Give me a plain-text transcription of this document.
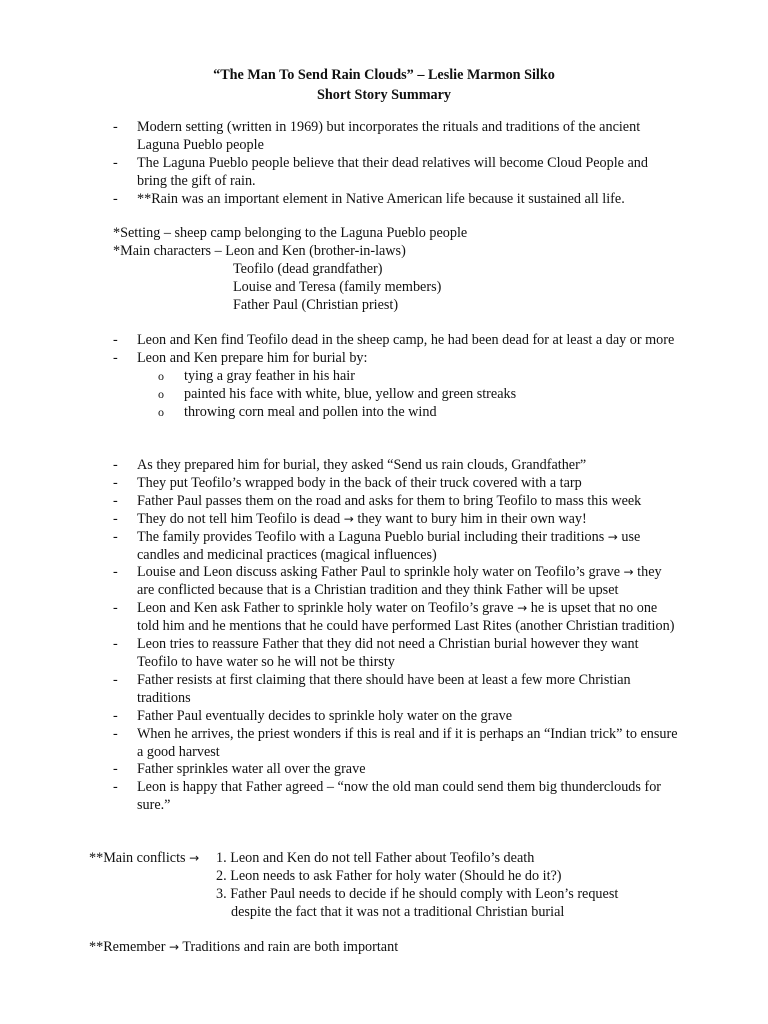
“The Man To Send Rain Clouds” – Leslie Marmon Silko
Short Story Summary
- Modern setting (written in 1969) but incorporates the rituals and traditions of the ancient Laguna Pueblo people
- The Laguna Pueblo people believe that their dead relatives will become Cloud People and bring the gift of rain.
- **Rain was an important element in Native American life because it sustained all life.
*Setting – sheep camp belonging to the Laguna Pueblo people
*Main characters – Leon and Ken (brother-in-laws)
Teofilo (dead grandfather)
Louise and Teresa (family members)
Father Paul (Christian priest)
- Leon and Ken find Teofilo dead in the sheep camp, he had been dead for at least a day or more
- Leon and Ken prepare him for burial by:
o tying a gray feather in his hair
o painted his face with white, blue, yellow and green streaks
o throwing corn meal and pollen into the wind
- As they prepared him for burial, they asked “Send us rain clouds, Grandfather”
- They put Teofilo’s wrapped body in the back of their truck covered with a tarp
- Father Paul passes them on the road and asks for them to bring Teofilo to mass this week
- They do not tell him Teofilo is dead → they want to bury him in their own way!
- The family provides Teofilo with a Laguna Pueblo burial including their traditions → use candles and medicinal practices (magical influences)
- Louise and Leon discuss asking Father Paul to sprinkle holy water on Teofilo’s grave → they are conflicted because that is a Christian tradition and they think Father will be upset
- Leon and Ken ask Father to sprinkle holy water on Teofilo’s grave → he is upset that no one told him and he mentions that he could have performed Last Rites (another Christian tradition)
- Leon tries to reassure Father that they did not need a Christian burial however they want Teofilo to have water so he will not be thirsty
- Father resists at first claiming that there should have been at least a few more Christian traditions
- Father Paul eventually decides to sprinkle holy water on the grave
- When he arrives, the priest wonders if this is real and if it is perhaps an “Indian trick” to ensure a good harvest
- Father sprinkles water all over the grave
- Leon is happy that Father agreed – “now the old man could send them big thunderclouds for sure.”
**Main conflicts → 1. Leon and Ken do not tell Father about Teofilo’s death
2. Leon needs to ask Father for holy water (Should he do it?)
3. Father Paul needs to decide if he should comply with Leon’s request
despite the fact that it was not a traditional Christian burial
**Remember → Traditions and rain are both important
